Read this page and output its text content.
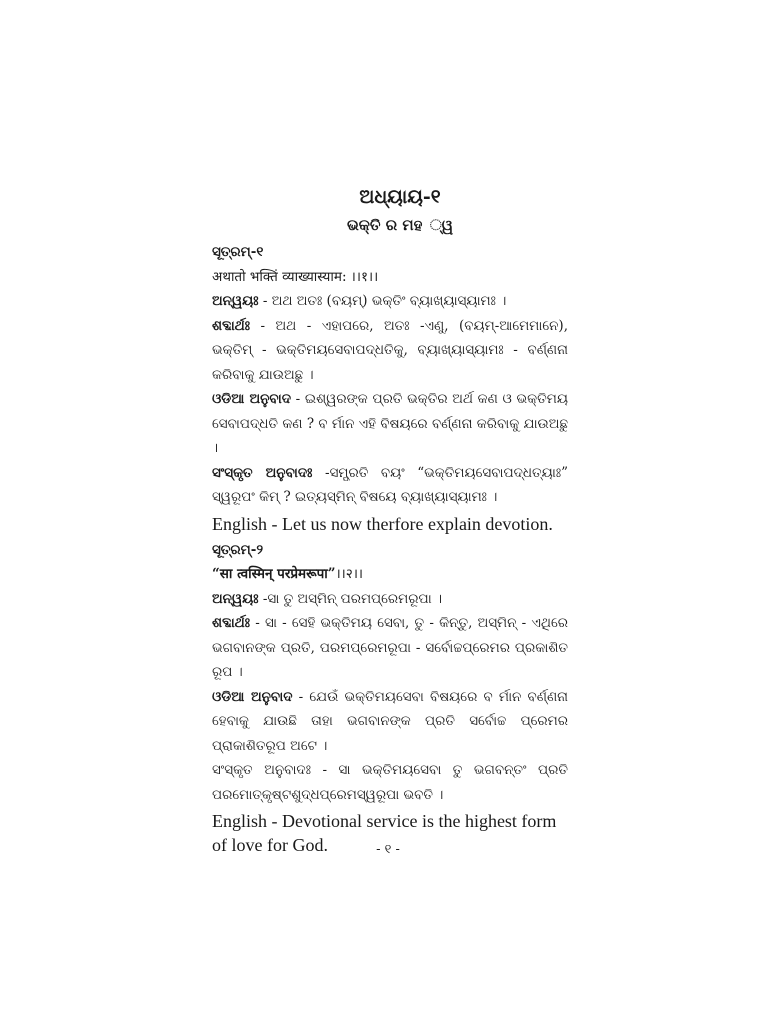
ଅଧ୍ୟାୟ-୧

ଭକ୍ତି ର ମହ ୍ୱ

ସୂତ୍ରମ୍-୧

अथातो भक्तिं व्याख्यास्याम: ।।१।।

ଅନ୍ୱୟଃ - ଅଥ ଅତଃ (ବୟମ୍) ଭକ୍ତିଂ ବ୍ୟାଖ୍ୟାସ୍ୟାମଃ ।

ଶବ୍ଦାର୍ଥଃ - ଅଥ - ଏହାପରେ, ଅତଃ -ଏଣୁ, (ବୟମ୍-ଆମେମାନେ), ଭକ୍ତିମ୍ - ଭକ୍ତିମୟସେବାପଦ୍ଧତିକୁ, ବ୍ୟାଖ୍ୟାସ୍ୟାମଃ - ବର୍ଣ୍ଣନା କରିବାକୁ ଯାଉଅଛୁ ।

ଓଡିଆ ଅନୁବାଦ - ଇଶ୍ୱରଙ୍କ ପ୍ରତି ଭକ୍ତିର ଅର୍ଥ କଣ ଓ ଭକ୍ତିମୟ ସେବାପଦ୍ଧତି କଣ ? ବ ର୍ମାନ ଏହି ବିଷୟରେ ବର୍ଣ୍ଣନା କରିବାକୁ ଯାଉଅଛୁ ।

ସଂସ୍କୃତ ଅନୁବାଦଃ -ସମ୍ପ୍ରତି ବୟଂ “ଭକ୍ତିମୟସେବାପଦ୍ଧତ୍ୟାଃ” ସ୍ୱରୂପଂ କିମ୍ ? ଇତ୍ୟସ୍ମିନ୍ ବିଷୟେ ବ୍ୟାଖ୍ୟାସ୍ୟାମଃ ।

English - Let us now therfore explain devotion.

ସୂତ୍ରମ୍-୨

“सा त्वस्मिन् परप्रेमरूपा”।।२।।

ଅନ୍ୱୟଃ -ସା ତୁ ଅସ୍ମିନ୍ ପରମପ୍ରେମରୂପା ।

ଶବ୍ଦାର୍ଥଃ - ସା - ସେହି ଭକ୍ତିମୟ ସେବା, ତୁ - କିନ୍ତୁ, ଅସ୍ମିନ୍ - ଏଥିରେ ଭଗବାନଙ୍କ ପ୍ରତି, ପରମପ୍ରେମରୂପା - ସର୍ବୋଚ୍ଚପ୍ରେମର ପ୍ରକାଶିତ ରୂପ ।

ଓଡିଆ ଅନୁବାଦ - ଯେଉଁ ଭକ୍ତିମୟସେବା ବିଷୟରେ ବ ର୍ମାନ ବର୍ଣ୍ଣନା ହେବାକୁ ଯାଉଛି ତାହା ଭଗବାନଙ୍କ ପ୍ରତି ସର୍ବୋଚ୍ଚ ପ୍ରେମର ପ୍ରାକାଶିତରୂପ ଅଟେ ।

ସଂସ୍କୃତ ଅନୁବାଦଃ - ସା ଭକ୍ତିମୟସେବା ତୁ ଭଗବନ୍ତଂ ପ୍ରତି ପରମୋତ୍କୃଷ୍ଟଶୁଦ୍ଧପ୍ରେମସ୍ୱରୂପା ଭବତି ।

English - Devotional service is the highest form of love for God.	- ୧ -
